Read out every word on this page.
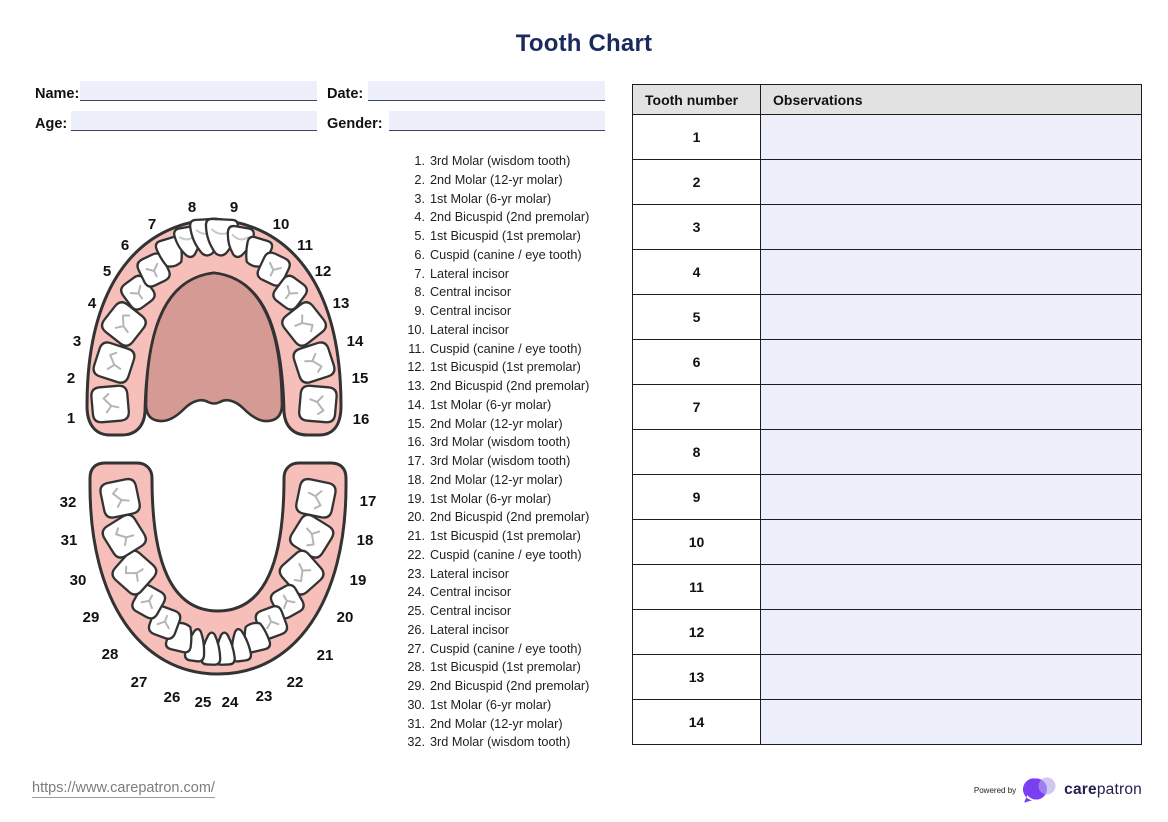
Tooth Chart
Name:	Date:
Age:	Gender:
1
2
3
4
5
6
7
8 9
10
11
12
13
14
15
16
17
18
19
20
21
22
23
24
25
26
27
28
29
30
31
32
1. 3rd Molar (wisdom tooth)
2. 2nd Molar (12-yr molar)
3. 1st Molar (6-yr molar)
4. 2nd Bicuspid (2nd premolar)
5. 1st Bicuspid (1st premolar)
6. Cuspid (canine / eye tooth)
7. Lateral incisor
8. Central incisor
9. Central incisor
10. Lateral incisor
11. Cuspid (canine / eye tooth)
12. 1st Bicuspid (1st premolar)
13. 2nd Bicuspid (2nd premolar)
14. 1st Molar (6-yr molar)
15. 2nd Molar (12-yr molar)
16. 3rd Molar (wisdom tooth)
17. 3rd Molar (wisdom tooth)
18. 2nd Molar (12-yr molar)
19. 1st Molar (6-yr molar)
20. 2nd Bicuspid (2nd premolar)
21. 1st Bicuspid (1st premolar)
22. Cuspid (canine / eye tooth)
23. Lateral incisor
24. Central incisor
25. Central incisor
26. Lateral incisor
27. Cuspid (canine / eye tooth)
28. 1st Bicuspid (1st premolar)
29. 2nd Bicuspid (2nd premolar)
30. 1st Molar (6-yr molar)
31. 2nd Molar (12-yr molar)
32. 3rd Molar (wisdom tooth)
Tooth number	Observations
1	
2	
3	
4	
5	
6	
7	
8	
9	
10	
11	
12	
13	
14	
https://www.carepatron.com/	Powered by	carepatron
